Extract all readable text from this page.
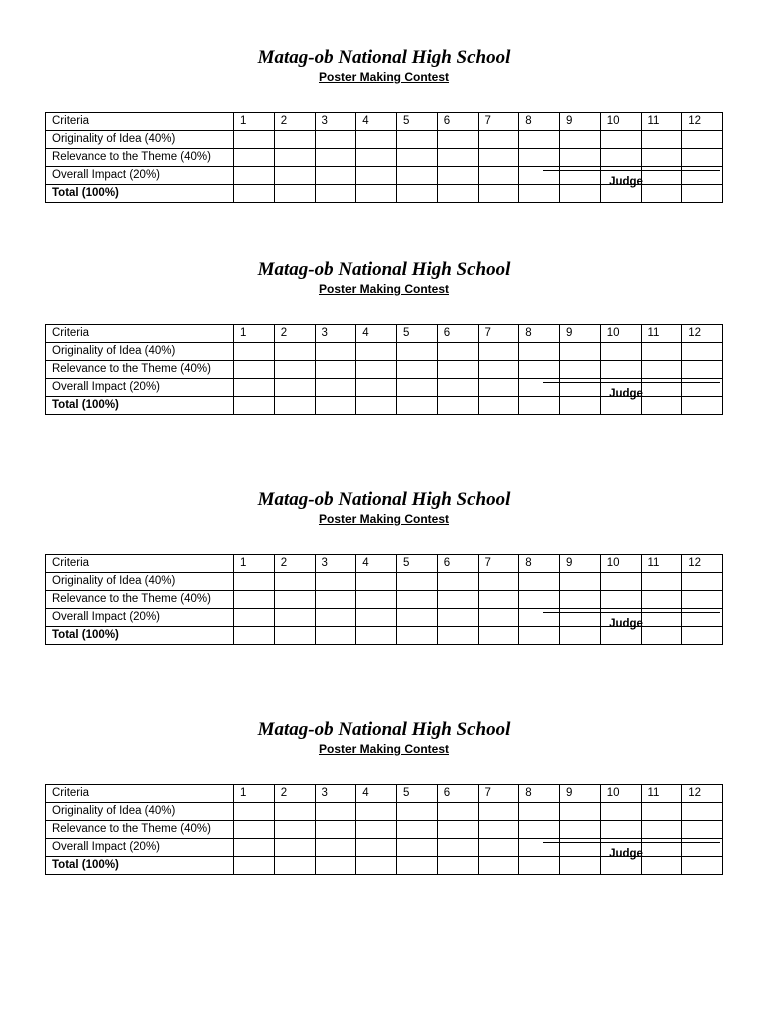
Matag-ob National High School
Poster Making Contest
Criteria	1	2	3	4	5	6	7	8	9	10	11	12
Originality of Idea (40%)												
Relevance to the Theme (40%)												
Overall Impact (20%)												
Total (100%)												
Judge
Matag-ob National High School
Poster Making Contest
Criteria	1	2	3	4	5	6	7	8	9	10	11	12
Originality of Idea (40%)												
Relevance to the Theme (40%)												
Overall Impact (20%)												
Total (100%)												
Judge
Matag-ob National High School
Poster Making Contest
Criteria	1	2	3	4	5	6	7	8	9	10	11	12
Originality of Idea (40%)												
Relevance to the Theme (40%)												
Overall Impact (20%)												
Total (100%)												
Judge
Matag-ob National High School
Poster Making Contest
Criteria	1	2	3	4	5	6	7	8	9	10	11	12
Originality of Idea (40%)												
Relevance to the Theme (40%)												
Overall Impact (20%)												
Total (100%)												
Judge
